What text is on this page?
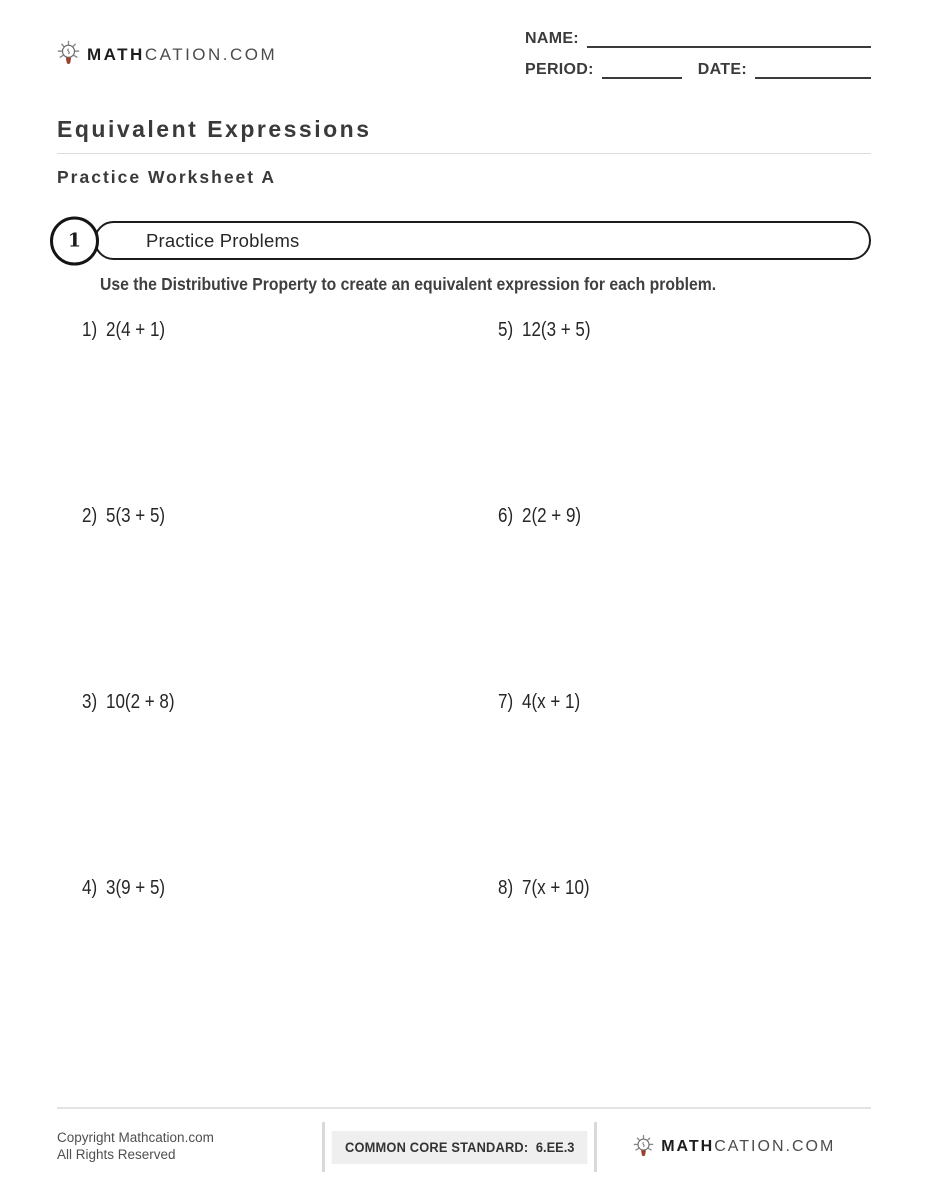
MATHCATION.COM
NAME:
PERIOD:	DATE:
Equivalent Expressions
Practice Worksheet A
1	Practice Problems
Use the Distributive Property to create an equivalent expression for each problem.
1) 2(4 + 1)	5) 12(3 + 5)
2) 5(3 + 5)	6) 2(2 + 9)
3) 10(2 + 8)	7) 4(x + 1)
4) 3(9 + 5)	8) 7(x + 10)
Copyright Mathcation.com
All Rights Reserved	COMMON CORE STANDARD: 6.EE.3	MATHCATION.COM
